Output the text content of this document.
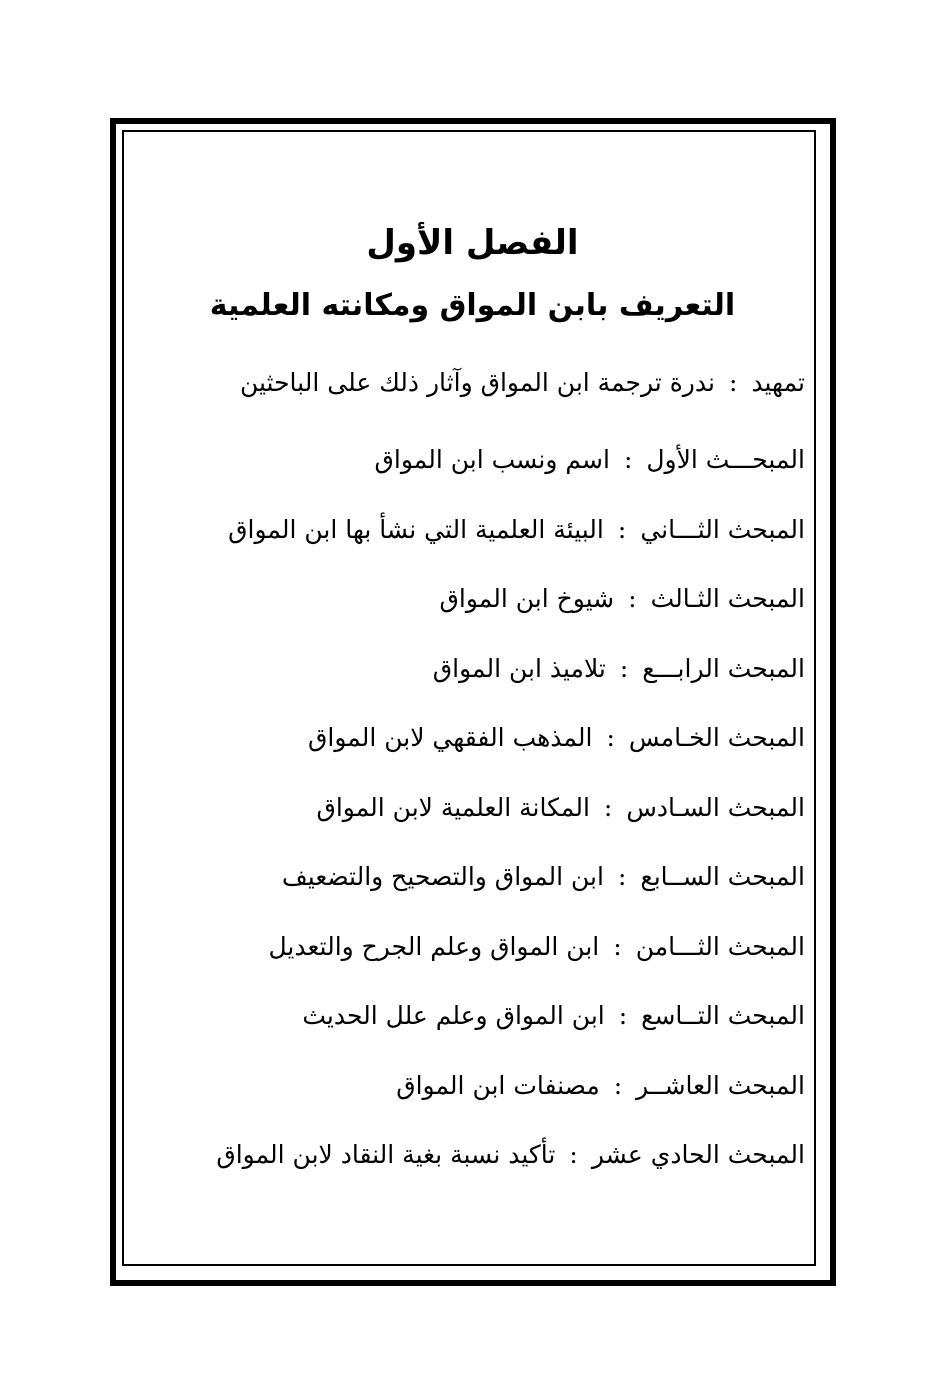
الفصل الأول
التعريف بابن المواق ومكانته العلمية
تمهيد
:
ندرة ترجمة ابن المواق وآثار ذلك على الباحثين
المبحـــث الأول
:
اسم ونسب ابن المواق
المبحث الثـــاني
:
البيئة العلمية التي نشأ بها ابن المواق
المبحث الثـالث
:
شيوخ ابن المواق
المبحث الرابـــع
:
تلاميذ ابن المواق
المبحث الخـامس
:
المذهب الفقهي لابن المواق
المبحث السـادس
:
المكانة العلمية لابن المواق
المبحث الســابع
:
ابن المواق والتصحيح والتضعيف
المبحث الثـــامن
:
ابن المواق وعلم الجرح والتعديل
المبحث التــاسع
:
ابن المواق وعلم علل الحديث
المبحث العاشــر
:
مصنفات ابن المواق
المبحث الحادي عشر
:
تأكيد نسبة بغية النقاد لابن المواق
